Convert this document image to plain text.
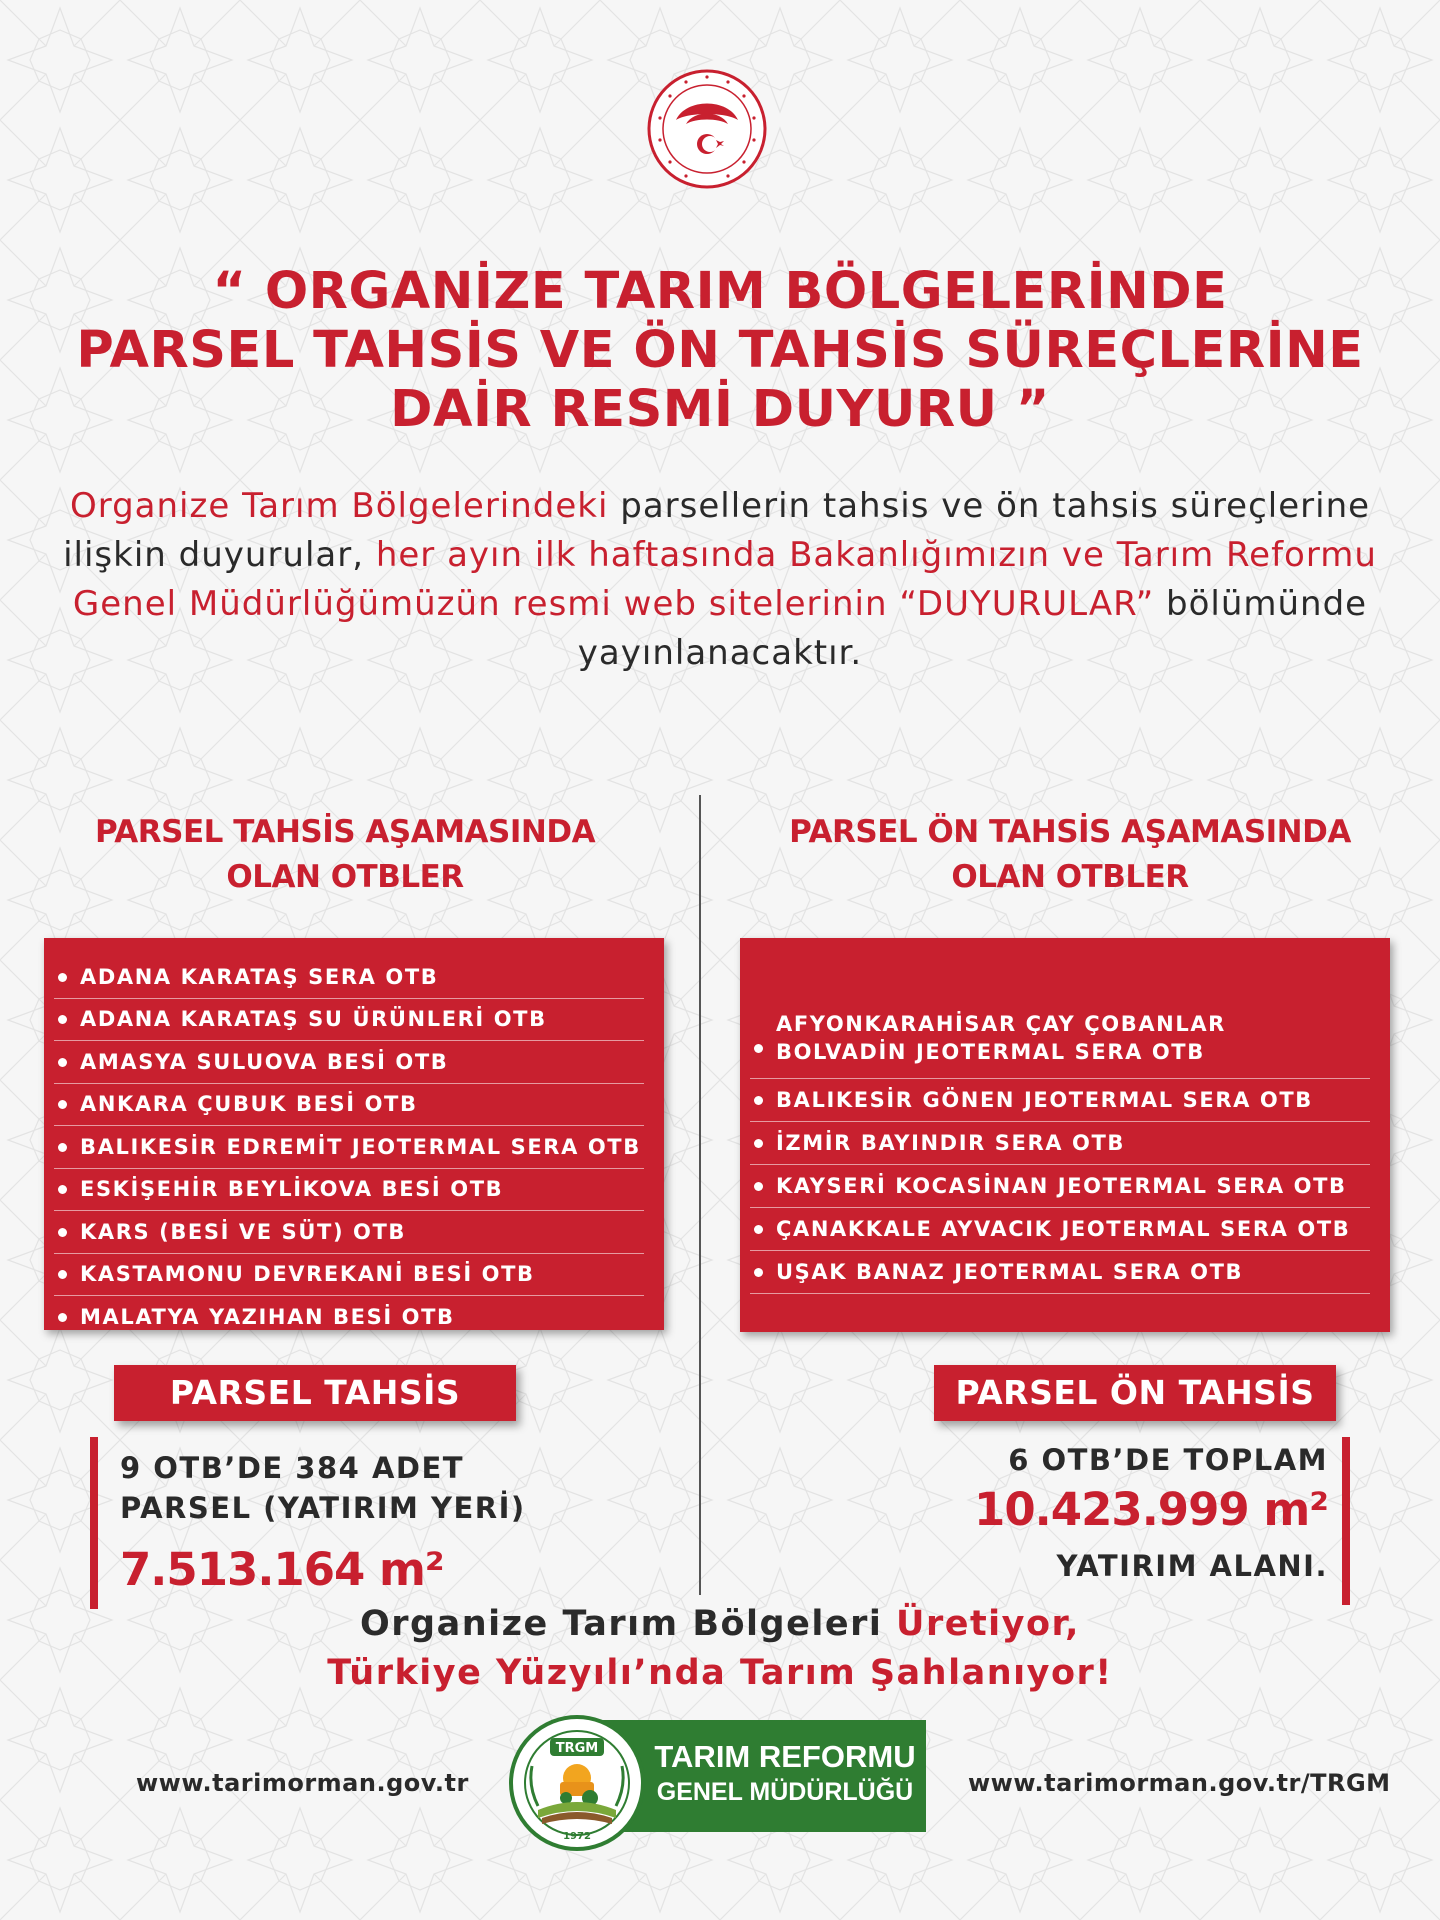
“ ORGANİZE TARIM BÖLGELERİNDE
PARSEL TAHSİS VE ÖN TAHSİS SÜREÇLERİNE
DAİR RESMİ DUYURU ”
Organize Tarım Bölgelerindeki parsellerin tahsis ve ön tahsis süreçlerine ilişkin duyurular, her ayın ilk haftasında Bakanlığımızın ve Tarım Reformu Genel Müdürlüğümüzün resmi web sitelerinin “DUYURULAR” bölümünde yayınlanacaktır.
PARSEL TAHSİS AŞAMASINDA
OLAN OTBLER
PARSEL ÖN TAHSİS AŞAMASINDA
OLAN OTBLER
ADANA KARATAŞ SERA OTB
ADANA KARATAŞ SU ÜRÜNLERİ OTB
AMASYA SULUOVA BESİ OTB
ANKARA ÇUBUK BESİ OTB
BALIKESİR EDREMİT JEOTERMAL SERA OTB
ESKİŞEHİR BEYLİKOVA BESİ OTB
KARS (BESİ VE SÜT) OTB
KASTAMONU DEVREKANİ BESİ OTB
MALATYA YAZIHAN BESİ OTB
AFYONKARAHİSAR ÇAY ÇOBANLAR
BOLVADİN JEOTERMAL SERA OTB
BALIKESİR GÖNEN JEOTERMAL SERA OTB
İZMİR BAYINDIR SERA OTB
KAYSERİ KOCASİNAN JEOTERMAL SERA OTB
ÇANAKKALE AYVACIK JEOTERMAL SERA OTB
UŞAK BANAZ JEOTERMAL SERA OTB
PARSEL TAHSİS	PARSEL ÖN TAHSİS
9 OTB’DE 384 ADET
PARSEL (YATIRIM YERİ)
7.513.164 m²
6 OTB’DE TOPLAM
10.423.999 m²
YATIRIM ALANI.
Organize Tarım Bölgeleri Üretiyor,
Türkiye Yüzyılı’nda Tarım Şahlanıyor!
www.tarimorman.gov.tr	www.tarimorman.gov.tr/TRGM
TARIM REFORMU
GENEL MÜDÜRLÜĞÜ
TRGM
1972
